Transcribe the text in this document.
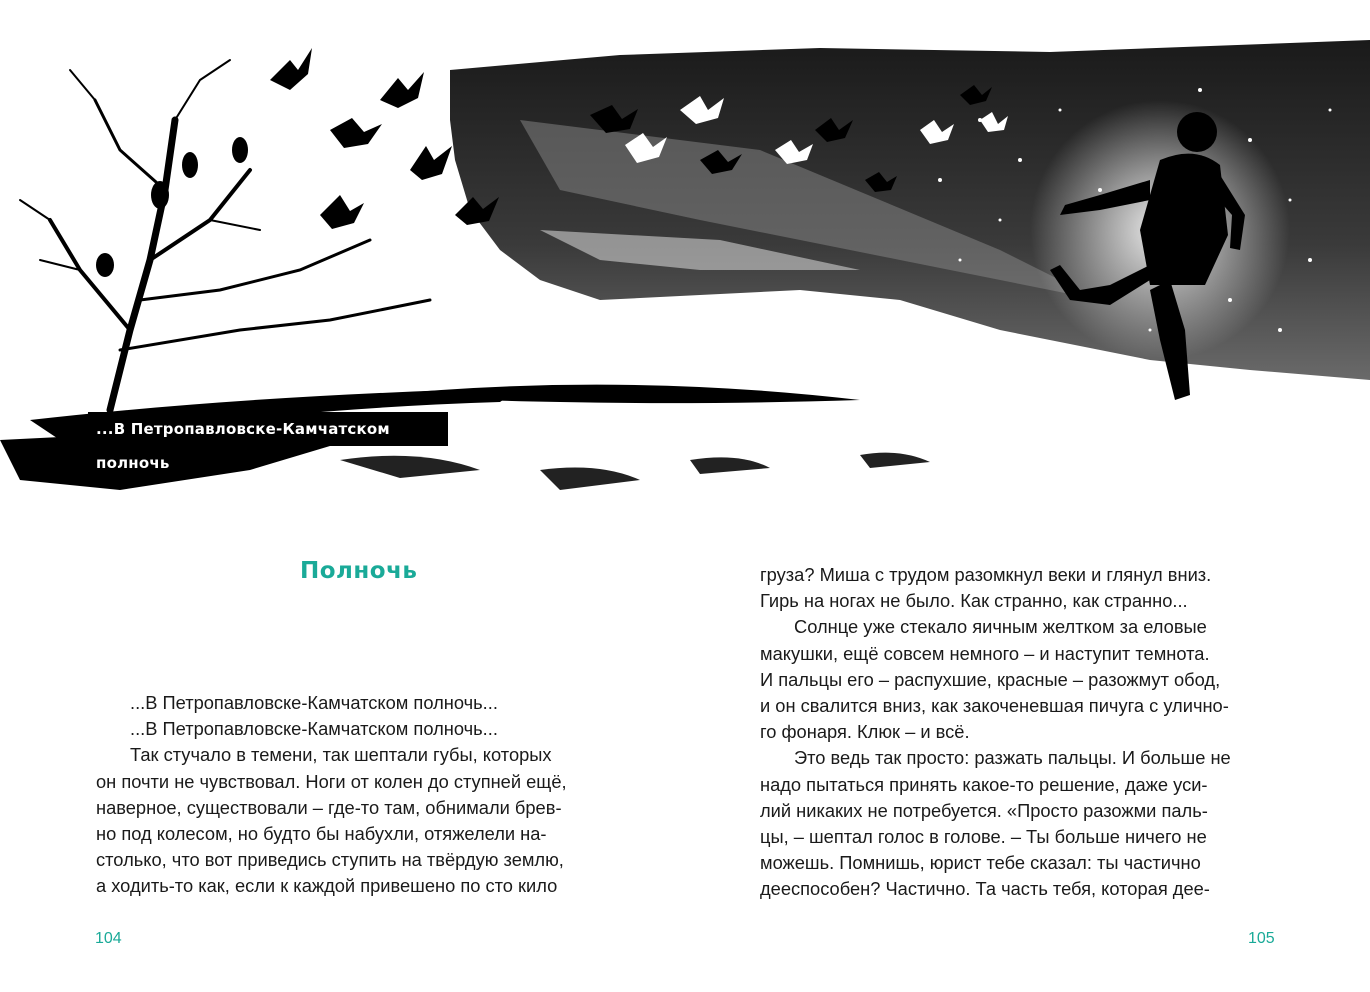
...В Петропавловске-Камчатском полночь
Полночь

...В Петропавловске-Камчатском полночь...

...В Петропавловске-Камчатском полночь...

Так стучало в темени, так шептали губы, которых

он почти не чувствовал. Ноги от колен до ступней ещё,

наверное, существовали – где-то там, обнимали брев-

но под колесом, но будто бы набухли, отяжелели на-

столько, что вот приведись ступить на твёрдую землю,

а ходить-то как, если к каждой привешено по сто кило

груза? Миша с трудом разомкнул веки и глянул вниз.

Гирь на ногах не было. Как странно, как странно...

Солнце уже стекало яичным желтком за еловые

макушки, ещё совсем немного – и наступит темнота.

И пальцы его – распухшие, красные – разожмут обод,

и он свалится вниз, как закоченевшая пичуга с улично-

го фонаря. Клюк – и всё.

Это ведь так просто: разжать пальцы. И больше не

надо пытаться принять какое-то решение, даже уси-

лий никаких не потребуется. «Просто разожми паль-

цы, – шептал голос в голове. – Ты больше ничего не

можешь. Помнишь, юрист тебе сказал: ты частично

дееспособен? Частично. Та часть тебя, которая дее-

104	105
